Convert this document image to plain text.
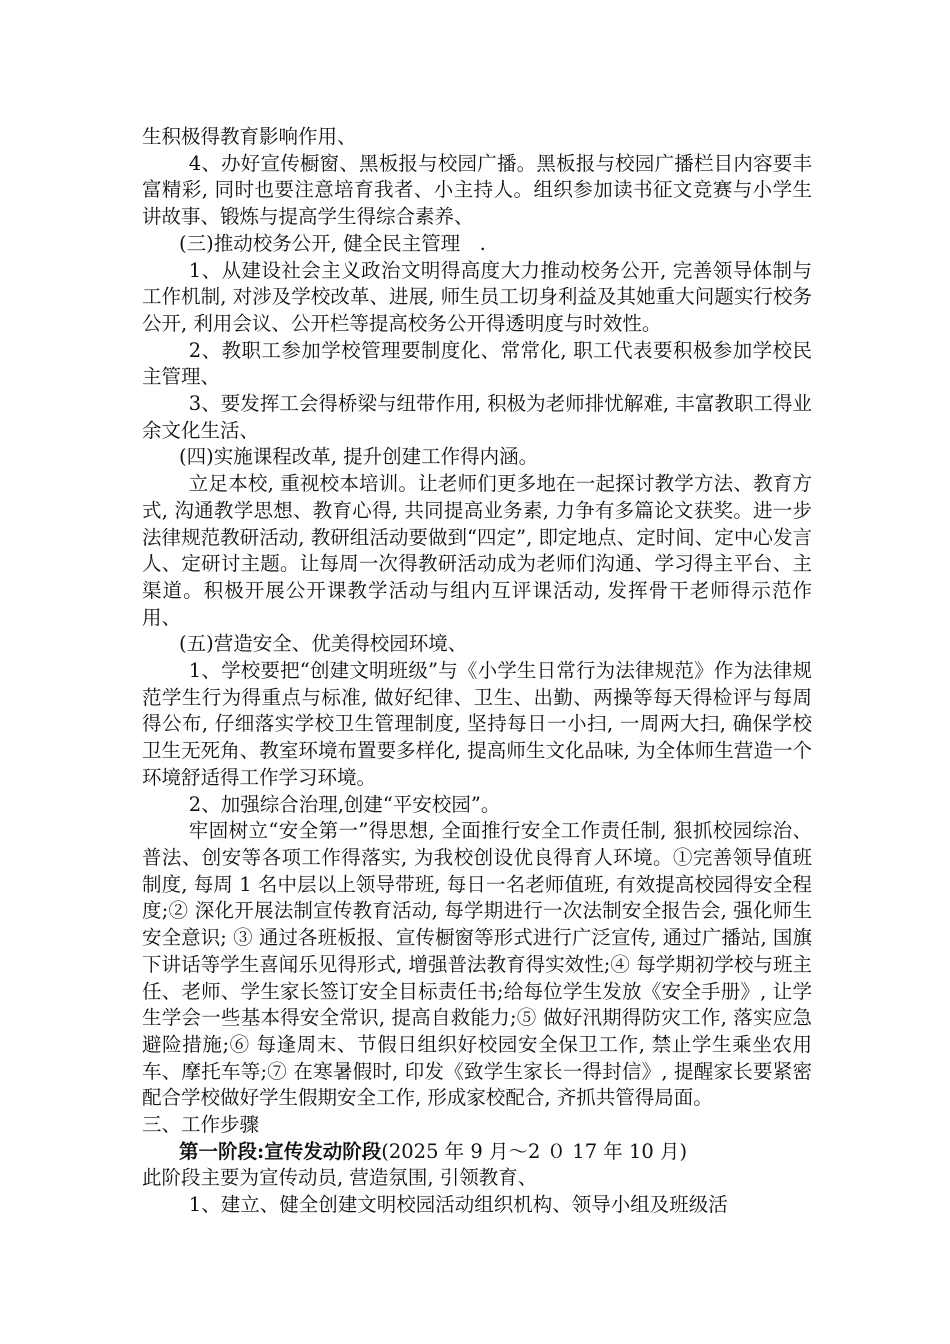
生积极得教育影响作用、

4、办好宣传橱窗、黑板报与校园广播。黑板报与校园广播栏目内容要丰富精彩, 同时也要注意培育我者、小主持人。组织参加读书征文竞赛与小学生讲故事、锻炼与提高学生得综合素养、

(三)推动校务公开, 健全民主管理　.

1、从建设社会主义政治文明得高度大力推动校务公开, 完善领导体制与工作机制, 对涉及学校改革、进展, 师生员工切身利益及其她重大问题实行校务公开, 利用会议、公开栏等提高校务公开得透明度与时效性。

2、教职工参加学校管理要制度化、常常化, 职工代表要积极参加学校民主管理、

3、要发挥工会得桥梁与纽带作用, 积极为老师排忧解难, 丰富教职工得业余文化生活、

(四)实施课程改革, 提升创建工作得内涵。

立足本校, 重视校本培训。让老师们更多地在一起探讨教学方法、教育方式, 沟通教学思想、教育心得, 共同提高业务素, 力争有多篇论文获奖。进一步法律规范教研活动, 教研组活动要做到“四定”, 即定地点、定时间、定中心发言人、定研讨主题。让每周一次得教研活动成为老师们沟通、学习得主平台、主渠道。积极开展公开课教学活动与组内互评课活动, 发挥骨干老师得示范作用、

(五)营造安全、优美得校园环境、

1、学校要把“创建文明班级”与《小学生日常行为法律规范》作为法律规范学生行为得重点与标准, 做好纪律、卫生、出勤、两操等每天得检评与每周得公布, 仔细落实学校卫生管理制度, 坚持每日一小扫, 一周两大扫, 确保学校卫生无死角、教室环境布置要多样化, 提高师生文化品味, 为全体师生营造一个环境舒适得工作学习环境。

2、加强综合治理,创建“平安校园”。

牢固树立“安全第一”得思想, 全面推行安全工作责任制, 狠抓校园综治、普法、创安等各项工作得落实, 为我校创设优良得育人环境。①完善领导值班制度, 每周 1 名中层以上领导带班, 每日一名老师值班, 有效提高校园得安全程度;② 深化开展法制宣传教育活动, 每学期进行一次法制安全报告会, 强化师生安全意识; ③ 通过各班板报、宣传橱窗等形式进行广泛宣传, 通过广播站, 国旗下讲话等学生喜闻乐见得形式, 增强普法教育得实效性;④ 每学期初学校与班主任、老师、学生家长签订安全目标责任书;给每位学生发放《安全手册》, 让学生学会一些基本得安全常识, 提高自救能力;⑤ 做好汛期得防灾工作, 落实应急避险措施;⑥ 每逢周末、节假日组织好校园安全保卫工作, 禁止学生乘坐农用车、摩托车等;⑦ 在寒暑假时, 印发《致学生家长一得封信》, 提醒家长要紧密配合学校做好学生假期安全工作, 形成家校配合, 齐抓共管得局面。

三、工作步骤

第一阶段:宣传发动阶段(2025 年 9 月～2 ０ 17 年 10 月)

此阶段主要为宣传动员, 营造氛围, 引领教育、

1、建立、健全创建文明校园活动组织机构、领导小组及班级活
